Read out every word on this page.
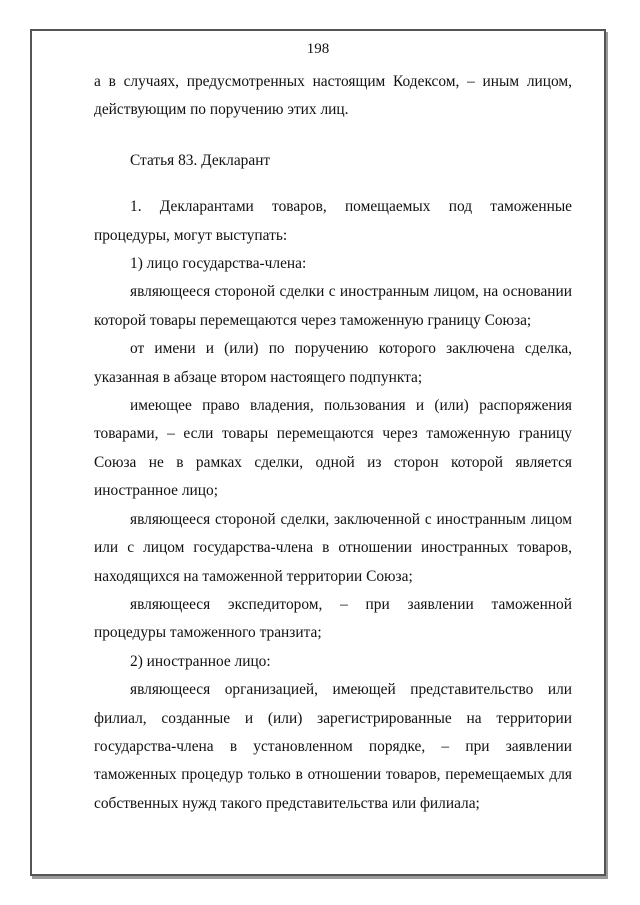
198

а в случаях, предусмотренных настоящим Кодексом, – иным лицом, действующим по поручению этих лиц.

Статья 83. Декларант

1. Декларантами товаров, помещаемых под таможенные процедуры, могут выступать:

1) лицо государства-члена:

являющееся стороной сделки с иностранным лицом, на основании которой товары перемещаются через таможенную границу Союза;

от имени и (или) по поручению которого заключена сделка, указанная в абзаце втором настоящего подпункта;

имеющее право владения, пользования и (или) распоряжения товарами, – если товары перемещаются через таможенную границу Союза не в рамках сделки, одной из сторон которой является иностранное лицо;

являющееся стороной сделки, заключенной с иностранным лицом или с лицом государства-члена в отношении иностранных товаров, находящихся на таможенной территории Союза;

являющееся экспедитором, – при заявлении таможенной процедуры таможенного транзита;

2) иностранное лицо:

являющееся организацией, имеющей представительство или филиал, созданные и (или) зарегистрированные на территории государства-члена в установленном порядке, – при заявлении таможенных процедур только в отношении товаров, перемещаемых для собственных нужд такого представительства или филиала;
